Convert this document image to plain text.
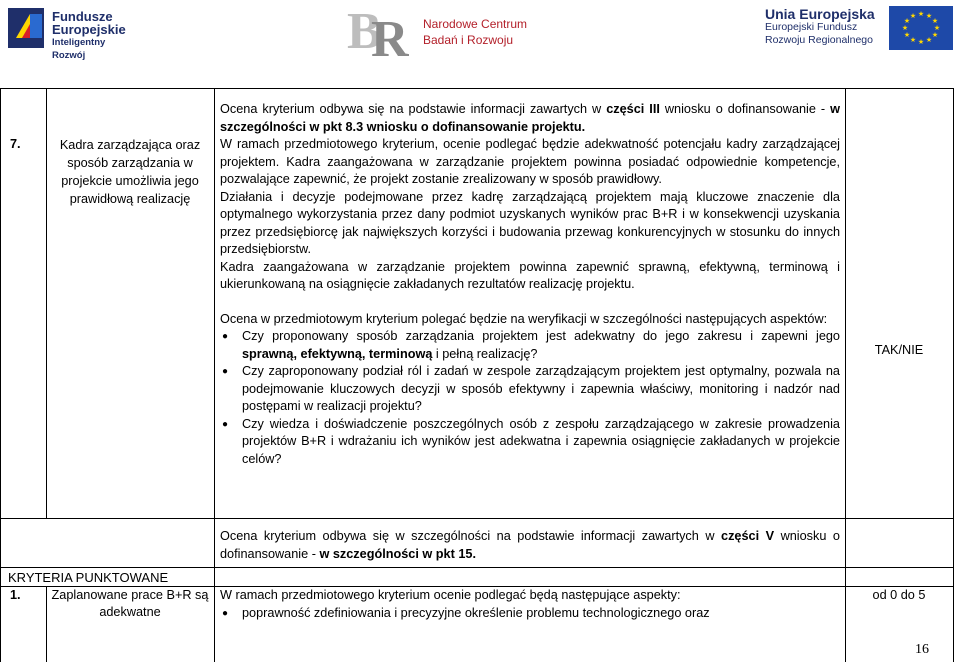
Fundusze
Europejskie
Inteligentny Rozwój	B
R Narodowe Centrum
Badań i Rozwoju
Unia Europejska
Europejski Fundusz
Rozwoju Regionalnego
★ ★
★
★
★
★
★
★
★
★
★
★
7.	Kadra zarządzająca oraz sposób zarządzania w projekcie umożliwia jego prawidłową realizację
Ocena kryterium odbywa się na podstawie informacji zawartych w części III wniosku o dofinansowanie - w szczególności w pkt 8.3 wniosku o dofinansowanie projektu.
W ramach przedmiotowego kryterium, ocenie podlegać będzie adekwatność potencjału kadry zarządzającej projektem. Kadra zaangażowana w zarządzanie projektem powinna posiadać odpowiednie kompetencje, pozwalające zapewnić, że projekt zostanie zrealizowany w sposób prawidłowy.
Działania i decyzje podejmowane przez kadrę zarządzającą projektem mają kluczowe znaczenie dla optymalnego wykorzystania przez dany podmiot uzyskanych wyników prac B+R i w konsekwencji uzyskania przez przedsiębiorcę jak największych korzyści i budowania przewag konkurencyjnych w stosunku do innych przedsiębiorstw.
Kadra zaangażowana w zarządzanie projektem powinna zapewnić sprawną, efektywną, terminową i ukierunkowaną na osiągnięcie zakładanych rezultatów realizację projektu.
Ocena w przedmiotowym kryterium polegać będzie na weryfikacji w szczególności następujących aspektów:
● Czy proponowany sposób zarządzania projektem jest adekwatny do jego zakresu i zapewni jego sprawną, efektywną, terminową i pełną realizację?
● Czy zaproponowany podział ról i zadań w zespole zarządzającym projektem jest optymalny, pozwala na podejmowanie kluczowych decyzji w sposób efektywny i zapewnia właściwy, monitoring i nadzór nad postępami w realizacji projektu?
● Czy wiedza i doświadczenie poszczególnych osób z zespołu zarządzającego w zakresie prowadzenia projektów B+R i wdrażaniu ich wyników jest adekwatna i zapewnia osiągnięcie zakładanych w projekcie celów?
TAK/NIE
KRYTERIA PUNKTOWANE
1. Zaplanowane prace B+R są adekwatne
Ocena kryterium odbywa się w szczególności na podstawie informacji zawartych w części V wniosku o dofinansowanie - w szczególności w pkt 15.
W ramach przedmiotowego kryterium ocenie podlegać będą następujące aspekty:
● poprawność zdefiniowania i precyzyjne określenie problemu technologicznego oraz
od 0 do 5
16
